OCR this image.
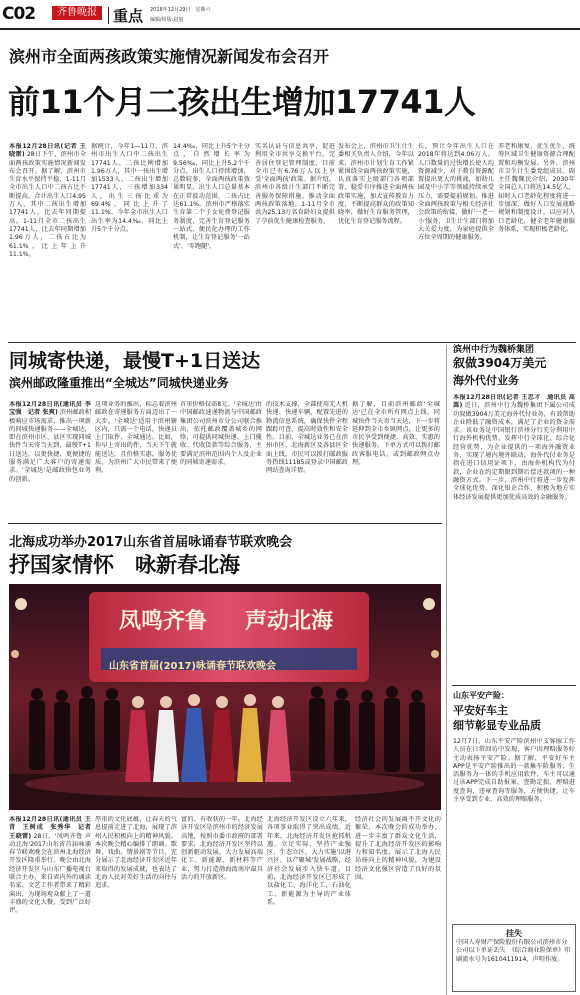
C02	齐鲁晚报	重点 2018年12月29日　星期六
编辑/组版:赵旭
滨州市全面两孩政策实施情况新闻发布会召开
前11个月二孩出生增加17741人
本报12月28日讯(记者 王晓雷) 28日下午，滨州市全面两孩政策实施情况新闻发布会召开。据了解，滨州市生育水平保持平稳，1-11月全市出生人口中二孩占比不断提高，合计出生人口4.95万人，其中二孩出生增加17741人，比去年同期提高。1-11月全市二孩出生17741人，比去年同期增加1.96万人，二孩占比为61.1%，比上年上升11.1%。
据统计，今年1—11月，滨州市出生人口中二孩出生17741人，二孩比例增加1.96万人，其中一孩出生增加1533人，二孩出生增加17741人，三孩增加334人，出生三孩比重为69.4%，同比上升了11.1%。今年全市出生人口出生率为14.4‰，同比上升5个千分点。
14.4‰，同比上升5个千分点，自然增长率为9.56‰，同比上升5.2个千分点。出生人口持续增加，总数较多，全面两孩政策效果明显，出生人口总量基本在正常波动范围，二孩占比达61.1%。滨州市严格落实生育第二个子女免费登记服务制度，完善生育登记服务一站式、便民化办理的工作机制，让生育登记服务'一站式'、'零跑腿'。
实名认证与信息共享，促进利用全市共享交换平台，完善居住登记管理制度，目前全市已有6.76万人以上享受'全面两孩'政策。据介绍，滨州市各级计生部门不断完善服务保障措施，推动全面两孩政策落地。1-11月全市共为25.13万名育龄妇女提供了孕前优生健康检查服务。
发布会上，滨州市卫生计生委相关负责人介绍，今年以来，滨州市计划生育工作紧紧围绕全面两孩政策实施，认真落实上级部门各项部署，稳妥有序推进全面两孩政策实施，加大宣传教育力度，不断提高群众的政策知晓率，做好生育服务管理，优化生育登记服务流程。
长，预计今年出生人口在2018年将达到4.06万人。人口数量的过快增长使人均资源减少，对于教育资源配置提出更大的挑战，如幼儿园及中小学等领域持续承受压力，需要提前规划，推进全面两孩政策与相关经济社会政策的衔接，做好'一老一小'服务，卫生计生部门将加大关爱力度，为家庭提供全方位全周期的健康服务。
养老和康复、优生优生，统筹区域卫生健康资源合理配置和均衡发展。另外，滨州市卫生计生委党组成员、副主任魏佩民介绍，2030年全国总人口将达14.5亿人，届时人口老龄化程度将进一步加深，做好人口发展战略规划和制度设计，以应对人口老龄化，健全老年健康服务体系，实现积极老龄化。
同城寄快递，最慢T+1日送达
滨州邮政隆重推出“全城达”同城快递业务
本报12月28日讯(通讯员 李宝强　记者 张爽) 滨州邮政积极响应市场需求，推出一项新的同城快递服务——全城达，即在滨州市区、县区实现同城快件当天寄当天到，最慢T+1日送达，以更快捷、更便捷的服务满足广大客户的寄递需求。'全城达'是邮政快包业务的创新。
这项业务的推出，标志着滨州邮政在寄递服务方面迈出了一大步。'全城达'适用于滨州辖区内，只需一个电话，快递员上门取件，全城通达。比如，你早上寄出的件，当天下午就能送达，且价格实惠，服务优质，为滨州广大市民带来了便利。
首重价格仅需8元。'全城达'由中国邮政速递物流与中国邮政集团公司滨州市分公司联合推出，依托邮政覆盖城乡的网络，可提供同城快递、上门揽收、代收货款等综合服务，主要满足滨州范围内个人及企业的同城寄递需求。
的技术支撑，全部使用无人机快递、快递车辆，配置先进的物流信息系统，确保快件全程跟踪可查，提高时效性和安全性。目前，全城达业务已在滨州市区、北海新区及各县区全面上线，市民可以拨打邮政服务热线11185或登录中国邮政网站查询详情。
据了解，目前滨州邮政'全城达'已在全市所有网点上线，同城快件当天寄当天达，下一步将延伸到全市乡镇网点，让更多的市民享受到便捷、高效、实惠的快递服务。下单方式可以拨打邮政客服电话，或到邮政网点办理。
滨州中行为魏桥集团
叙做3904万美元
海外代付业务
本报12月28日讯(记者 王忠才　通讯员 高嵩) 近日，滨州中行为魏桥集团下属公司成功叙做3904万美元海外代付业务，有效帮助企业降低了融资成本，满足了企业的资金需求。该业务是中国银行滨州分行充分利用中行海外机构优势，发挥中行全球化、综合化经营优势，为企业提供的一项海外融资业务，实现了境内境外联动。海外代付业务是指在进口信用证项下，由海外机构代为付款，企业在约定期限到期后偿还款项的一种融资方式。下一步，滨州中行将进一步发挥全球化优势，深化银企合作，积极为地方实体经济发展提供更加优质高效的金融服务。
山东平安产险：
平安好车主
细节彰显专业品质
12月7日，山东平安产险滨州中支客服工作人员在日常回访中发现，客户因理赔服务好主动表扬平安产险。据了解，平安好车主APP是平安产险推出的一款集车险服务、生活服务为一体的手机应用软件，车主可以通过该APP完成自助报案、查勘定损、理赔进度查询、违章查询等服务，方便快捷，让车主享受到专业、高效的理赔服务。
挂失
中国人寿财产保险股份有限公司滨州市分公司以下单证丢失　《综合商业险保单》印刷流水号为1610411914，声明作废。
北海成功举办2017山东省首届咏诵春节联欢晚会
抒国家情怀　咏新春北海
凤鸣齐鲁 声动北海
山东省首届(2017)咏诵春节联欢晚会
本报12月28日讯(通讯员 王青　王树成　张秀华　记者 王晓雷) 28日，'凤鸣齐鲁 声动北海'2017山东省首届咏诵春节联欢晚会在滨州北海经济开发区隆重举行。晚会由北海经济开发区与山东广播电视台联合主办，来自省内外的诵读名家、文艺工作者带来了精彩演出，为现场观众献上了一道丰盛的文化大餐，受到广泛好评。
厚重的文化底蕴，让春天的气息提前走进了北海，展现了滨州人民积极向上的精神风貌。本次晚会精心编排了朗诵、歌舞、戏曲、情景剧等节目，充分展示了北海经济开发区近年来取得的发展成就，也表达了北海人民对美好生活的向往与追求。
富的、有收获的一年。北海经济开发区是滨州市的经济发展高地，按照市委市政府的部署要求，北海经济开发区坚持以创新驱动发展，大力发展高端化工、新能源、新材料等产业，努力打造渤海湾南岸最具活力的开放新区。
北海经济开发区设立六年来，各项事业取得了突出成绩。近年来，北海经济开发区抢抓机遇，立足实际，坚持产业强区、生态立区，大力实施'以港兴区、以产聚城'发展战略，经济社会发展步入快车道。目前，北海经济开发区已形成了以盐化工、海洋化工、石油化工、新能源为主导的产业体系。
经济社会的发展离不开文化的繁荣，本次晚会的成功举办，进一步丰富了群众文化生活，提升了北海经济开发区的影响力和知名度，展示了北海人民昂扬向上的精神风貌，为建设经济文化强区营造了良好的氛围。
